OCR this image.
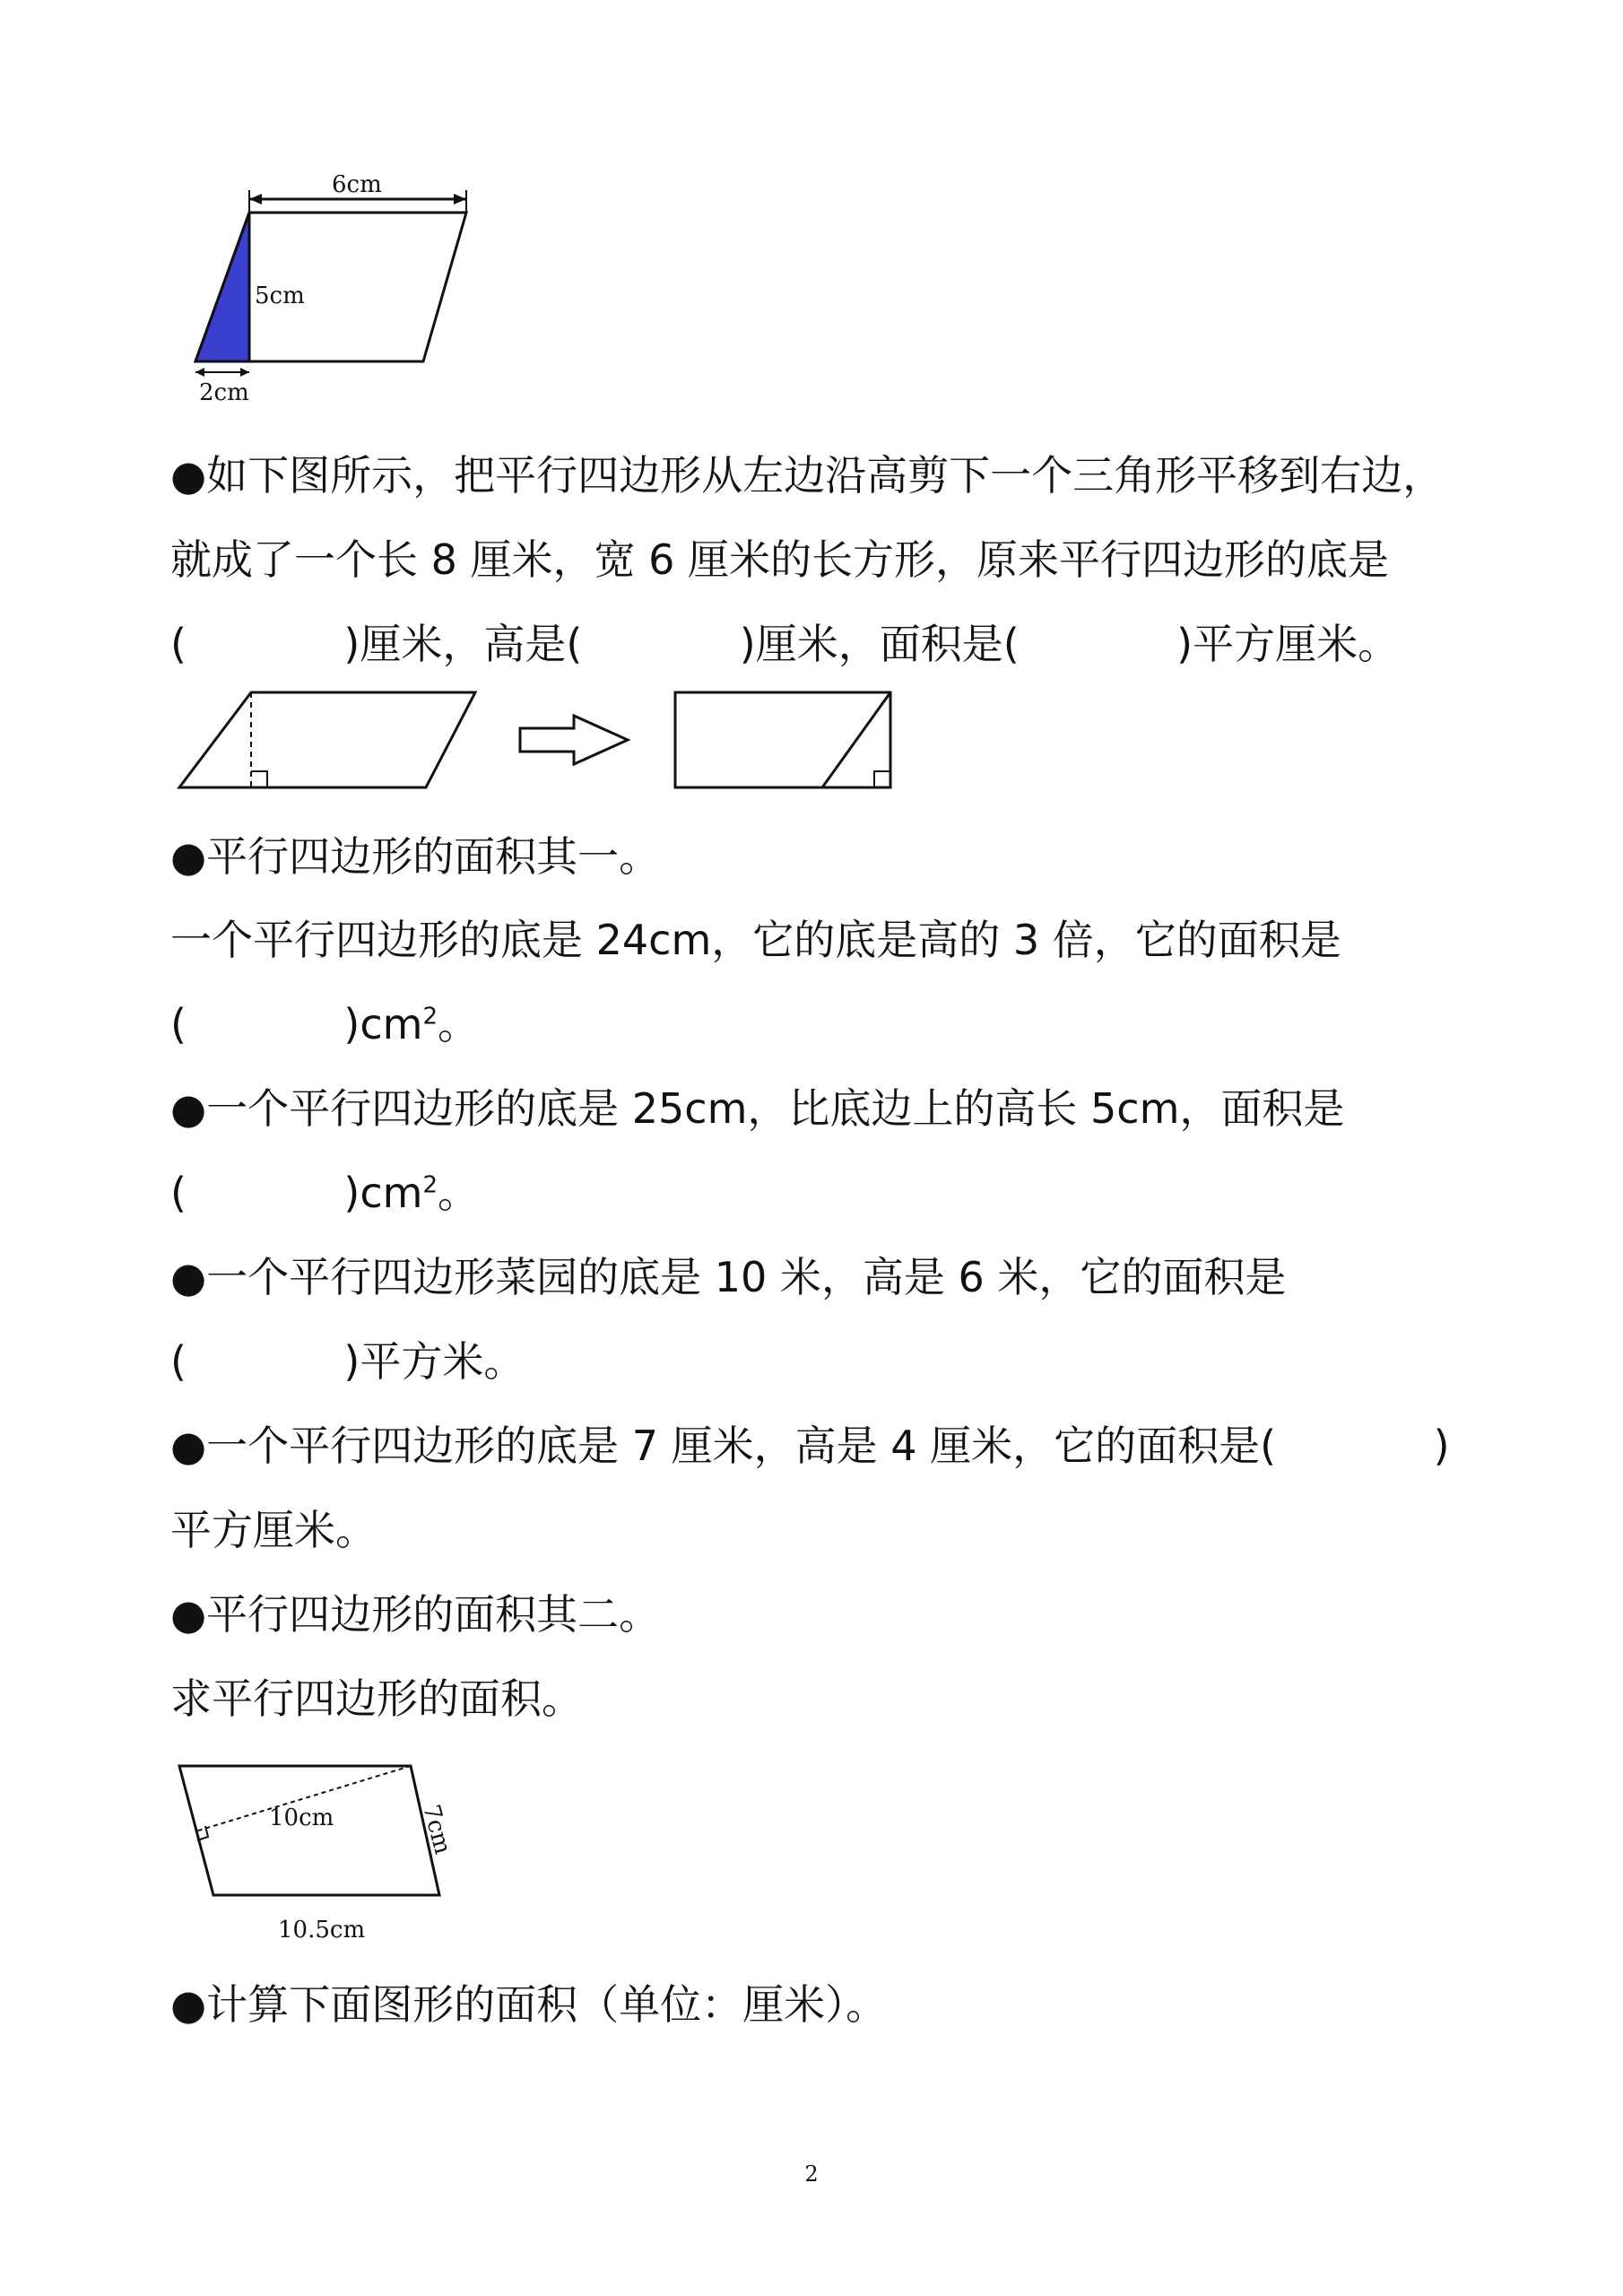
6cm
5cm
2cm

●如下图所示，把平行四边形从左边沿高剪下一个三角形平移到右边，

就成了一个长 8 厘米，宽 6 厘米的长方形，原来平行四边形的底是

(            )厘米，高是(            )厘米，面积是(            )平方厘米。

●平行四边形的面积其一。

一个平行四边形的底是 24cm，它的底是高的 3 倍，它的面积是

(            )$cm^2$。

●一个平行四边形的底是 25cm，比底边上的高长 5cm，面积是

(            )$cm^2$。

●一个平行四边形菜园的底是 10 米，高是 6 米，它的面积是

(            )平方米。

●一个平行四边形的底是 7 厘米，高是 4 厘米，它的面积是(            )

平方厘米。

●平行四边形的面积其二。

求平行四边形的面积。

10cm	7cm
10.5cm

●计算下面图形的面积（单位：厘米）。

2
